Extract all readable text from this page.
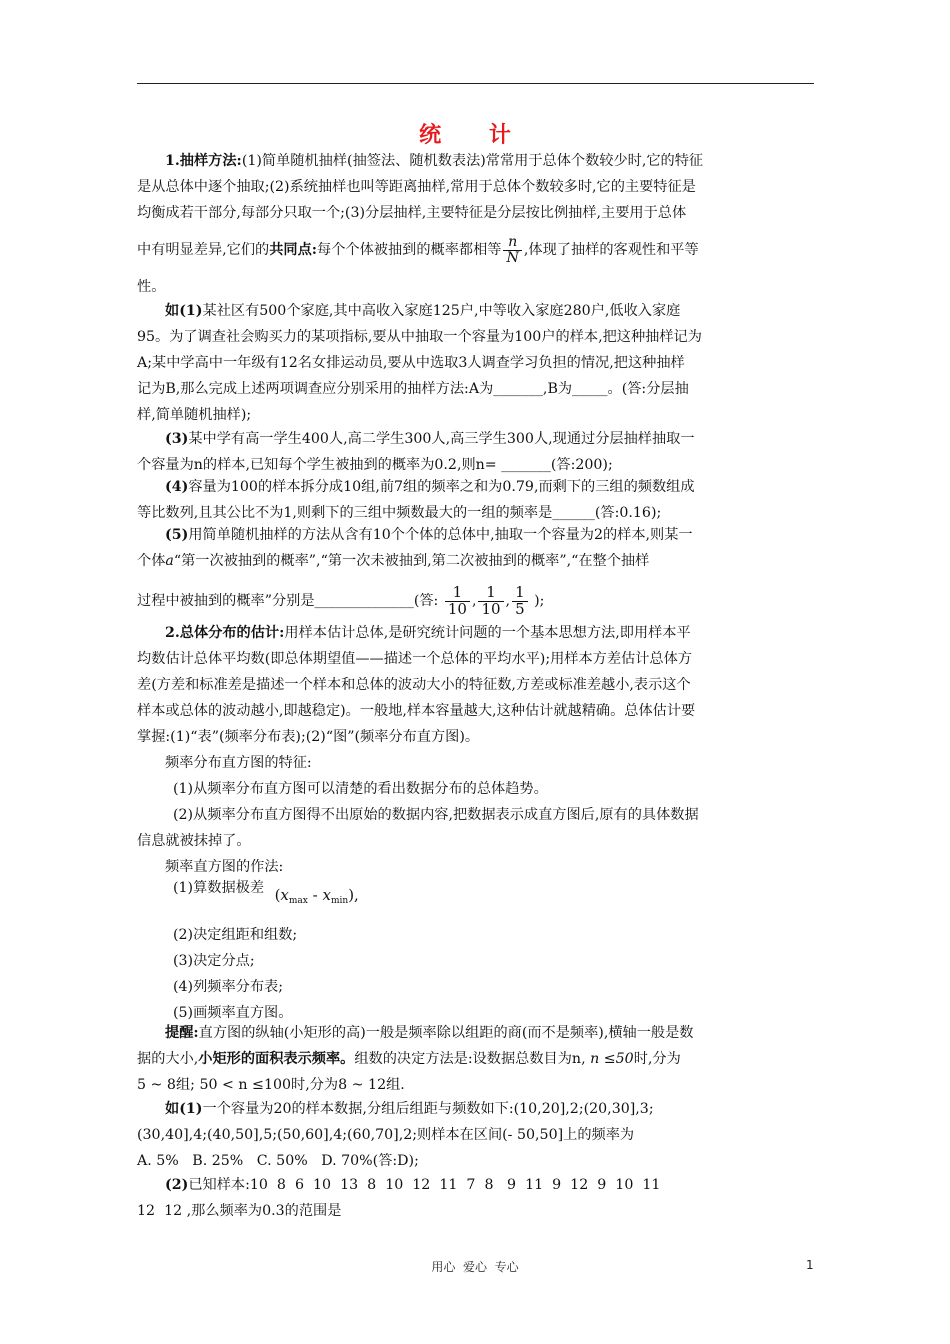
统 计
1.抽样方法:(1)简单随机抽样(抽签法、随机数表法)常常用于总体个数较少时,它的特征
是从总体中逐个抽取;(2)系统抽样也叫等距离抽样,常用于总体个数较多时,它的主要特征是
均衡成若干部分,每部分只取一个;(3)分层抽样,主要特征是分层按比例抽样,主要用于总体
中有明显差异,它们的共同点:每个个体被抽到的概率都相等 $\frac{n}{N}$ ,体现了抽样的客观性和平等
性。
如(1)某社区有500个家庭,其中高收入家庭125户,中等收入家庭280户,低收入家庭
95。为了调查社会购买力的某项指标,要从中抽取一个容量为100户的样本,把这种抽样记为
A;某中学高中一年级有12名女排运动员,要从中选取3人调查学习负担的情况,把这种抽样
记为B,那么完成上述两项调查应分别采用的抽样方法:A为_______,B为_____。(答:分层抽
样,简单随机抽样);
(3)某中学有高一学生400人,高二学生300人,高三学生300人,现通过分层抽样抽取一
个容量为n的样本,已知每个学生被抽到的概率为0.2,则n= _______(答:200);
(4)容量为100的样本拆分成10组,前7组的频率之和为0.79,而剩下的三组的频数组成
等比数列,且其公比不为1,则剩下的三组中频数最大的一组的频率是______(答:0.16);
(5)用简单随机抽样的方法从含有10个个体的总体中,抽取一个容量为2的样本,则某一
个体a“第一次被抽到的概率”,“第一次未被抽到,第二次被抽到的概率”,“在整个抽样
过程中被抽到的概率”分别是______________(答: $\frac{1}{10}$ , $\frac{1}{10}$ , $\frac{1}{5}$ );
2.总体分布的估计:用样本估计总体,是研究统计问题的一个基本思想方法,即用样本平
均数估计总体平均数(即总体期望值——描述一个总体的平均水平);用样本方差估计总体方
差(方差和标准差是描述一个样本和总体的波动大小的特征数,方差或标准差越小,表示这个
样本或总体的波动越小,即越稳定)。一般地,样本容量越大,这种估计就越精确。总体估计要
掌握:(1)“表”(频率分布表);(2)“图”(频率分布直方图)。
频率分布直方图的特征:
(1)从频率分布直方图可以清楚的看出数据分布的总体趋势。
(2)从频率分布直方图得不出原始的数据内容,把数据表示成直方图后,原有的具体数据
信息就被抹掉了。
频率直方图的作法:
(1)算数据极差 $(x_{max} - x_{min})$,
(2)决定组距和组数;
(3)决定分点;
(4)列频率分布表;
(5)画频率直方图。
提醒:直方图的纵轴(小矩形的高)一般是频率除以组距的商(而不是频率),横轴一般是数
据的大小,小矩形的面积表示频率。组数的决定方法是:设数据总数目为n, n ≤50时,分为
5 ~ 8组; 50 < n ≤100时,分为8 ~ 12组.
如(1)一个容量为20的样本数据,分组后组距与频数如下:(10,20],2;(20,30],3;
(30,40],4;(40,50],5;(50,60],4;(60,70],2;则样本在区间(- 50,50]上的频率为
A. 5%   B. 25%   C. 50%   D. 70%(答:D);
(2)已知样本:10  8  6  10  13  8  10  12  11  7  8   9  11  9  12  9  10  11
12  12 ,那么频率为0.3的范围是
用心  爱心  专心	1
